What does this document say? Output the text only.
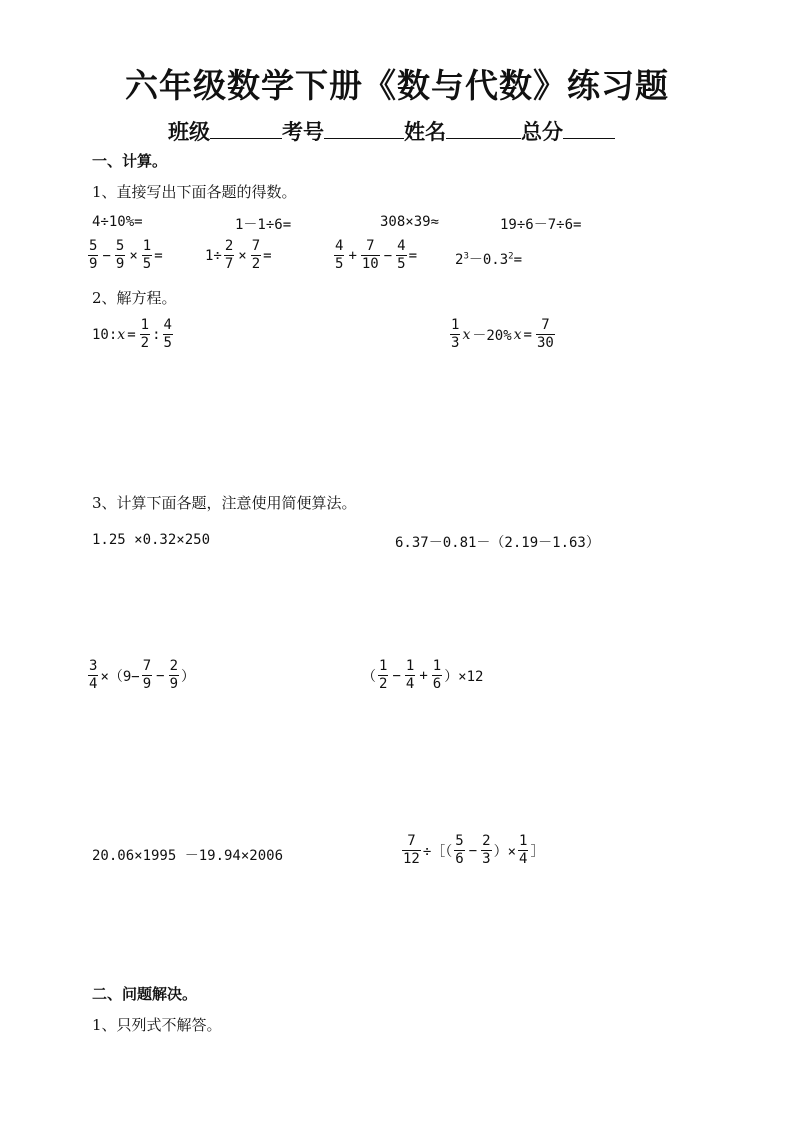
六年级数学下册《数与代数》练习题
班级	考号	姓名	总分
一、计算。
1、直接写出下面各题的得数。
4÷10%=	1－1÷6=	308×39≈	19÷6－7÷6=
$\frac{5}{9} - \frac{5}{9} \times \frac{1}{5}$ =	$1\div \frac{2}{7} \times \frac{7}{2}$ =	$\frac{4}{5} + \frac{7}{10} - \frac{4}{5}$ =	$2^3-0.3^2=$
2、解方程。
10: $x = \frac{1}{2}$ : $\frac{4}{5}$	$\frac{1}{3}$ x －20% $x = \frac{7}{30}$
3、计算下面各题，注意使用简便算法。
1.25 ×0.32×250	6.37－0.81－（2.19－1.63）
$\frac{3}{4} \times(9- \frac{7}{9} - \frac{2}{9}$ ）	（ $\frac{1}{2} - \frac{1}{4} + \frac{1}{6} )\times 12$
20.06×1995 －19.94×2006	$\frac{7}{12}$ ÷［（ $\frac{5}{6} - \frac{2}{3}$ ）× $\frac{1}{4}$ ］
二、问题解决。
1、只列式不解答。
